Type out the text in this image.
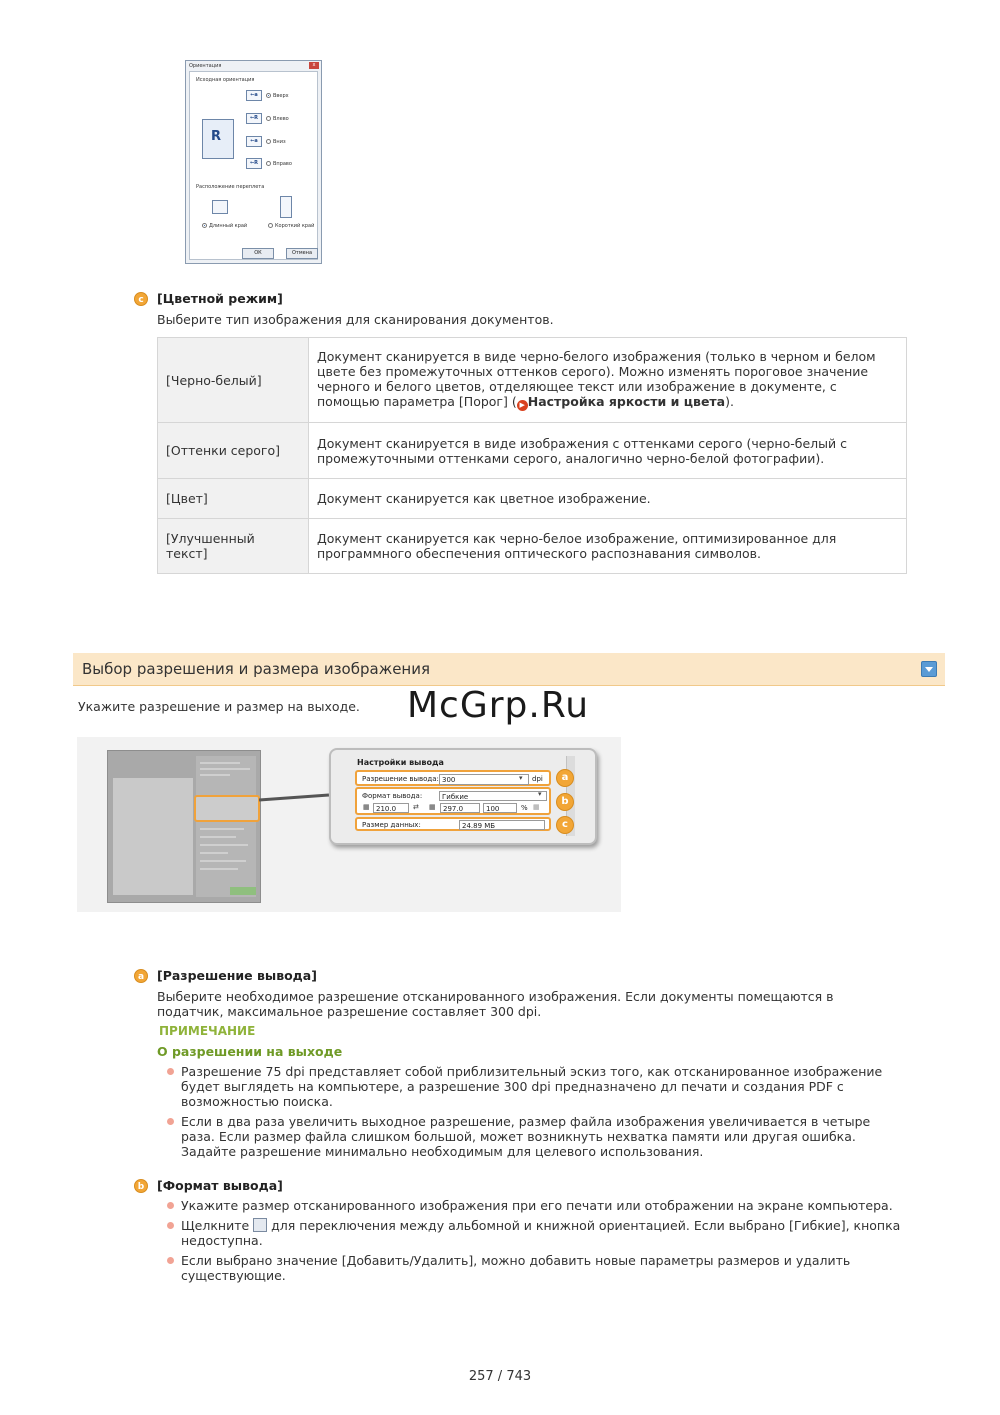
Ориентация	x
Исходная ориентация
R
←a	Вверх
←R	Влево
←a	Вниз
←R	Вправо
Расположение переплета
Длинный край	Короткий край
ОК	Отмена
c	[Цветной режим]
Выберите тип изображения для сканирования документов.
[Черно-белый]	Документ сканируется в виде черно-белого изображения (только в черном и белом цвете без промежуточных оттенков серого). Можно изменять пороговое значение черного и белого цветов, отделяющее текст или изображение в документе, с помощью параметра [Порог] ( ▶ Настройка яркости и цвета).
[Оттенки серого]	Документ сканируется в виде изображения с оттенками серого (черно-белый с промежуточными оттенками серого, аналогично черно-белой фотографии).
[Цвет]	Документ сканируется как цветное изображение.
[Улучшенный текст]	Документ сканируется как черно-белое изображение, оптимизированное для программного обеспечения оптического распознавания символов.
Выбор разрешения и размера изображения
Укажите разрешение и размер на выходе. McGrp.Ru
Настройки вывода
Разрешение вывода: 300	▾ dpi
Формат вывода:	Гибкие	▾
▦ 210.0	⇄ ▦	297.0	100	% ▦
Размер данных:	24.89 МБ
a
b
c
a	[Разрешение вывода]
Выберите необходимое разрешение отсканированного изображения. Если документы помещаются в податчик, максимальное разрешение составляет 300 dpi.
ПРИМЕЧАНИЕ
О разрешении на выходе
Разрешение 75 dpi представляет собой приблизительный эскиз того, как отсканированное изображение будет выглядеть на компьютере, а разрешение 300 dpi предназначено дл печати и создания PDF с возможностью поиска.
Если в два раза увеличить выходное разрешение, размер файла изображения увеличивается в четыре раза. Если размер файла слишком большой, может возникнуть нехватка памяти или другая ошибка. Задайте разрешение минимально необходимым для целевого использования.
b	[Формат вывода]
Укажите размер отсканированного изображения при его печати или отображении на экране компьютера.
Щелкните для переключения между альбомной и книжной ориентацией. Если выбрано [Гибкие], кнопка недоступна.
Если выбрано значение [Добавить/Удалить], можно добавить новые параметры размеров и удалить существующие.
257 / 743
